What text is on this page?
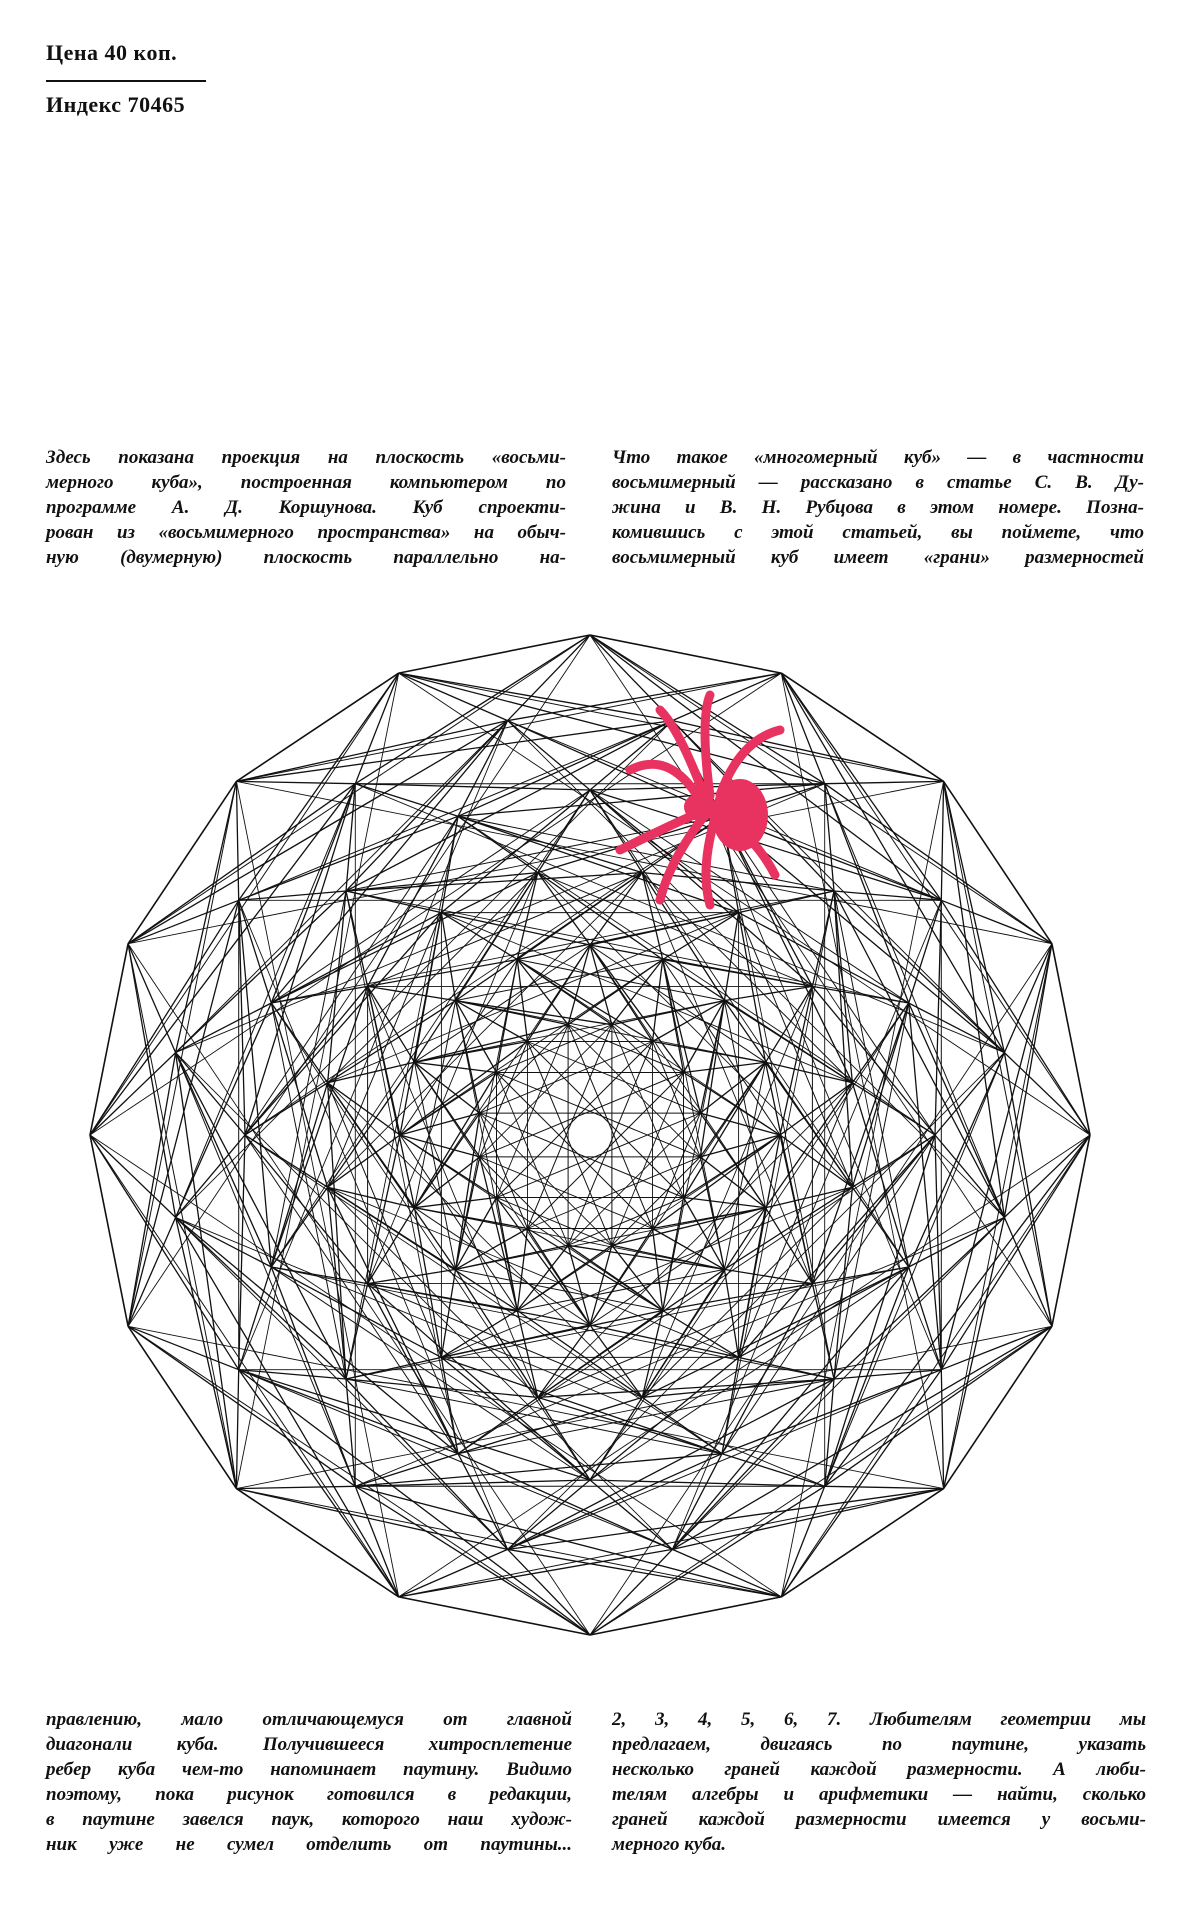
Цена 40 коп.
Индекс 70465
Здесь показана проекция на плоскость «восьми-
мерного куба», построенная компьютером по
программе А. Д. Коршунова. Куб спроекти-
рован из «восьмимерного пространства» на обыч-
ную (двумерную) плоскость параллельно на-
Что такое «многомерный куб» — в частности
восьмимерный — рассказано в статье С. В. Ду-
жина и В. Н. Рубцова в этом номере. Позна-
комившись с этой статьей, вы поймете, что
восьмимерный куб имеет «грани» размерностей
правлению, мало отличающемуся от главной
диагонали куба. Получившееся хитросплетение
ребер куба чем-то напоминает паутину. Видимо
поэтому, пока рисунок готовился в редакции,
в паутине завелся паук, которого наш худож-
ник уже не сумел отделить от паутины...
2, 3, 4, 5, 6, 7. Любителям геометрии мы
предлагаем, двигаясь по паутине, указать
несколько граней каждой размерности. А люби-
телям алгебры и арифметики — найти, сколько
граней каждой размерности имеется у восьми-
мерного куба.
